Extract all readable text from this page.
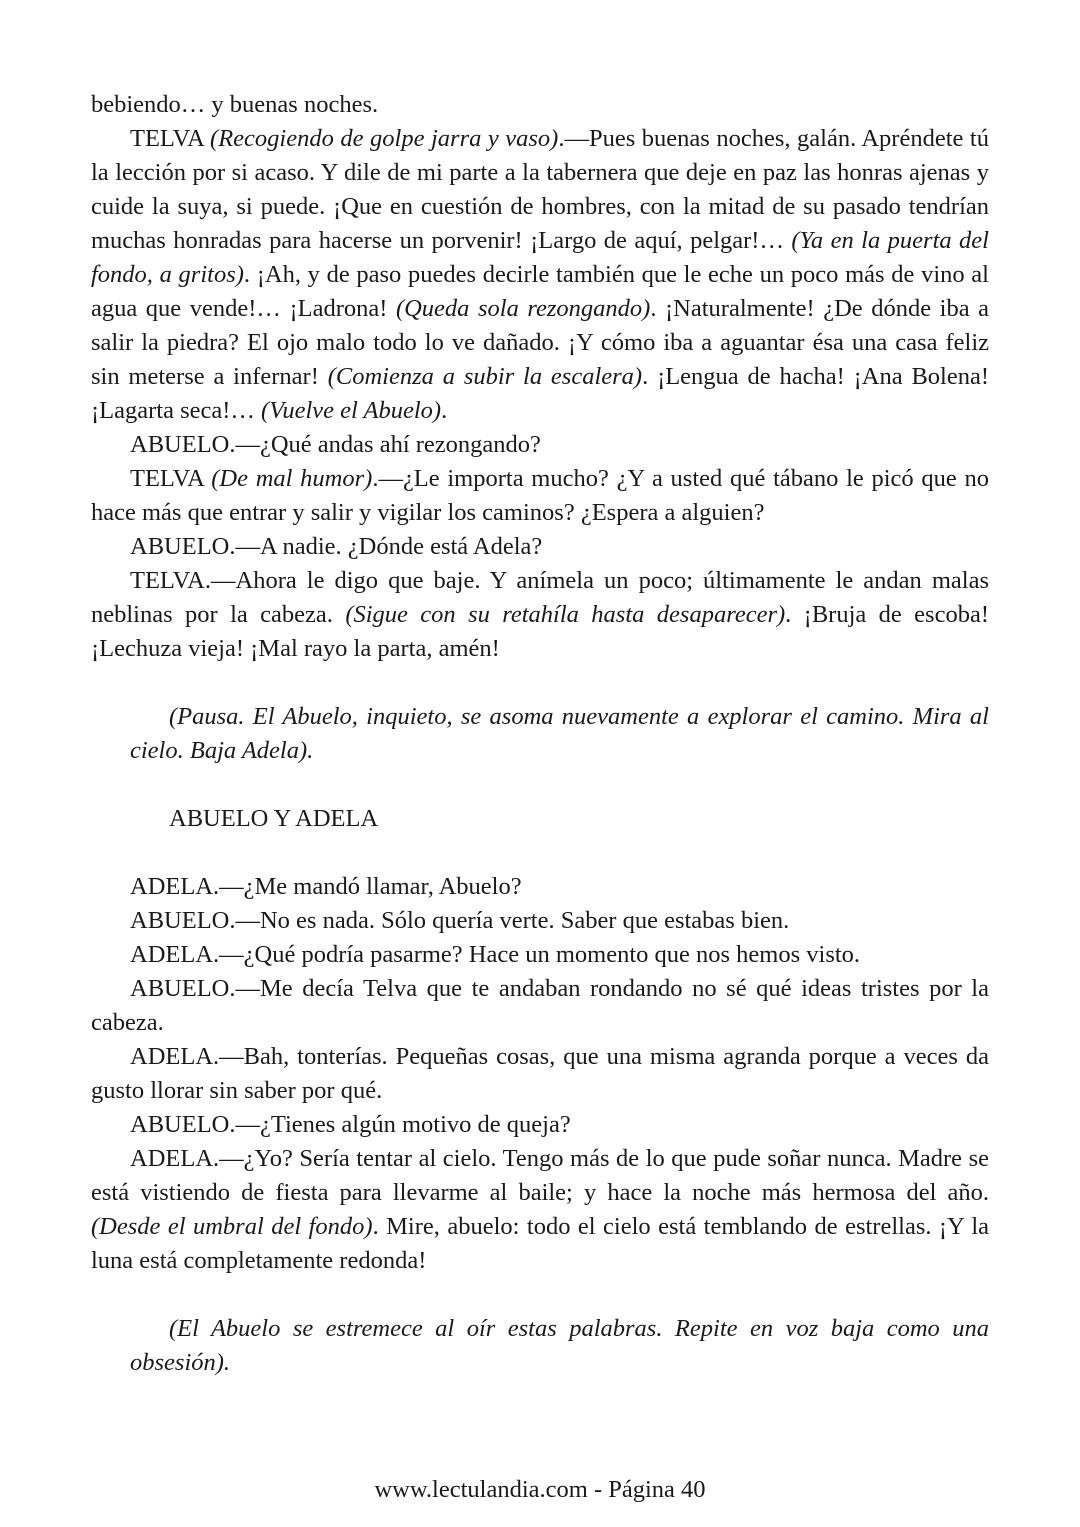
bebiendo… y buenas noches.

TELVA (Recogiendo de golpe jarra y vaso).—Pues buenas noches, galán. Apréndete tú la lección por si acaso. Y dile de mi parte a la tabernera que deje en paz las honras ajenas y cuide la suya, si puede. ¡Que en cuestión de hombres, con la mitad de su pasado tendrían muchas honradas para hacerse un porvenir! ¡Largo de aquí, pelgar!… (Ya en la puerta del fondo, a gritos). ¡Ah, y de paso puedes decirle también que le eche un poco más de vino al agua que vende!… ¡Ladrona! (Queda sola rezongando). ¡Naturalmente! ¿De dónde iba a salir la piedra? El ojo malo todo lo ve dañado. ¡Y cómo iba a aguantar ésa una casa feliz sin meterse a infernar! (Comienza a subir la escalera). ¡Lengua de hacha! ¡Ana Bolena! ¡Lagarta seca!… (Vuelve el Abuelo).

ABUELO.—¿Qué andas ahí rezongando?

TELVA (De mal humor).—¿Le importa mucho? ¿Y a usted qué tábano le picó que no hace más que entrar y salir y vigilar los caminos? ¿Espera a alguien?

ABUELO.—A nadie. ¿Dónde está Adela?

TELVA.—Ahora le digo que baje. Y anímela un poco; últimamente le andan malas neblinas por la cabeza. (Sigue con su retahíla hasta desaparecer). ¡Bruja de escoba! ¡Lechuza vieja! ¡Mal rayo la parta, amén!

(Pausa. El Abuelo, inquieto, se asoma nuevamente a explorar el camino. Mira al cielo. Baja Adela).

ABUELO Y ADELA

ADELA.—¿Me mandó llamar, Abuelo?

ABUELO.—No es nada. Sólo quería verte. Saber que estabas bien.

ADELA.—¿Qué podría pasarme? Hace un momento que nos hemos visto.

ABUELO.—Me decía Telva que te andaban rondando no sé qué ideas tristes por la cabeza.

ADELA.—Bah, tonterías. Pequeñas cosas, que una misma agranda porque a veces da gusto llorar sin saber por qué.

ABUELO.—¿Tienes algún motivo de queja?

ADELA.—¿Yo? Sería tentar al cielo. Tengo más de lo que pude soñar nunca. Madre se está vistiendo de fiesta para llevarme al baile; y hace la noche más hermosa del año. (Desde el umbral del fondo). Mire, abuelo: todo el cielo está temblando de estrellas. ¡Y la luna está completamente redonda!

(El Abuelo se estremece al oír estas palabras. Repite en voz baja como una obsesión).

www.lectulandia.com - Página 40
